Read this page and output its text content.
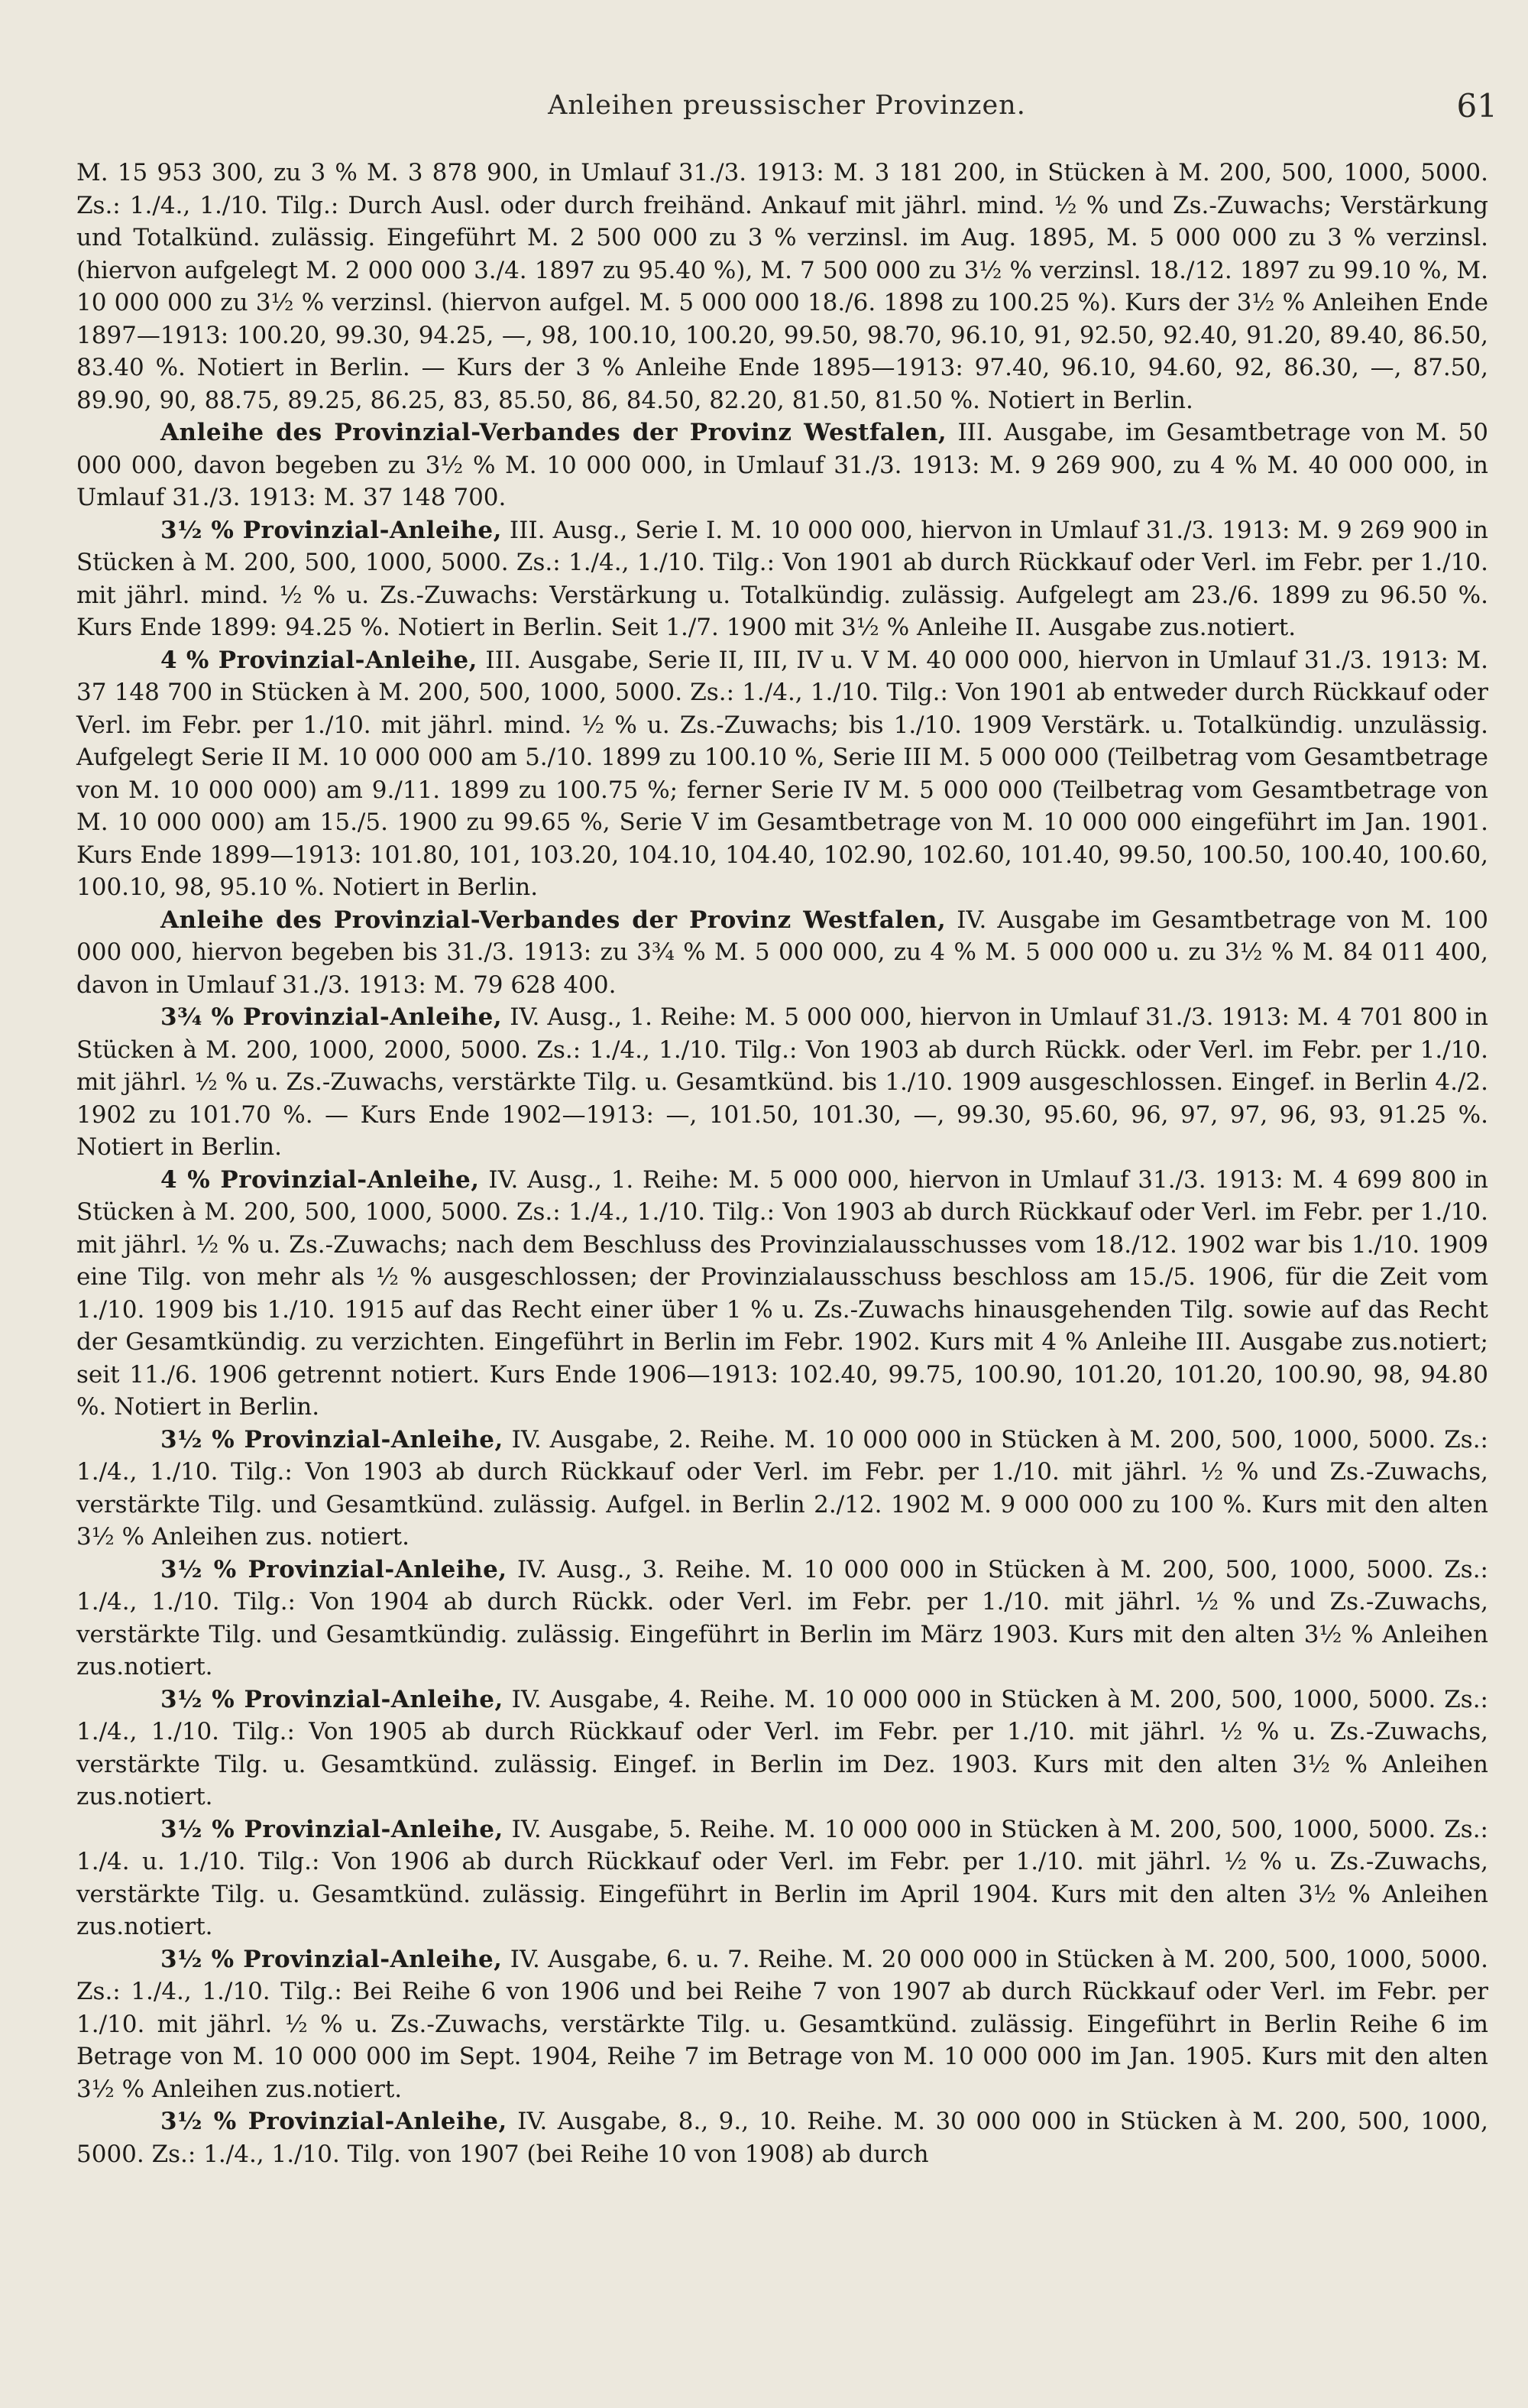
Anleihen preussischer Provinzen.	61

M. 15 953 300, zu 3 % M. 3 878 900, in Umlauf 31./3. 1913: M. 3 181 200, in Stücken à M. 200, 500, 1000, 5000. Zs.: 1./4., 1./10. Tilg.: Durch Ausl. oder durch freihänd. Ankauf mit jährl. mind. ½ % und Zs.-Zuwachs; Verstärkung und Totalkünd. zulässig. Eingeführt M. 2 500 000 zu 3 % verzinsl. im Aug. 1895, M. 5 000 000 zu 3 % verzinsl. (hiervon aufgelegt M. 2 000 000 3./4. 1897 zu 95.40 %), M. 7 500 000 zu 3½ % verzinsl. 18./12. 1897 zu 99.10 %, M. 10 000 000 zu 3½ % verzinsl. (hiervon aufgel. M. 5 000 000 18./6. 1898 zu 100.25 %). Kurs der 3½ % Anleihen Ende 1897—1913: 100.20, 99.30, 94.25, —, 98, 100.10, 100.20, 99.50, 98.70, 96.10, 91, 92.50, 92.40, 91.20, 89.40, 86.50, 83.40 %. Notiert in Berlin. — Kurs der 3 % Anleihe Ende 1895—1913: 97.40, 96.10, 94.60, 92, 86.30, —, 87.50, 89.90, 90, 88.75, 89.25, 86.25, 83, 85.50, 86, 84.50, 82.20, 81.50, 81.50 %. Notiert in Berlin.

Anleihe des Provinzial-Verbandes der Provinz Westfalen, III. Ausgabe, im Gesamtbetrage von M. 50 000 000, davon begeben zu 3½ % M. 10 000 000, in Umlauf 31./3. 1913: M. 9 269 900, zu 4 % M. 40 000 000, in Umlauf 31./3. 1913: M. 37 148 700.

3½ % Provinzial-Anleihe, III. Ausg., Serie I. M. 10 000 000, hiervon in Umlauf 31./3. 1913: M. 9 269 900 in Stücken à M. 200, 500, 1000, 5000. Zs.: 1./4., 1./10. Tilg.: Von 1901 ab durch Rückkauf oder Verl. im Febr. per 1./10. mit jährl. mind. ½ % u. Zs.-Zuwachs: Verstärkung u. Totalkündig. zulässig. Aufgelegt am 23./6. 1899 zu 96.50 %. Kurs Ende 1899: 94.25 %. Notiert in Berlin. Seit 1./7. 1900 mit 3½ % Anleihe II. Ausgabe zus.notiert.

4 % Provinzial-Anleihe, III. Ausgabe, Serie II, III, IV u. V M. 40 000 000, hiervon in Umlauf 31./3. 1913: M. 37 148 700 in Stücken à M. 200, 500, 1000, 5000. Zs.: 1./4., 1./10. Tilg.: Von 1901 ab entweder durch Rückkauf oder Verl. im Febr. per 1./10. mit jährl. mind. ½ % u. Zs.-Zuwachs; bis 1./10. 1909 Verstärk. u. Totalkündig. unzulässig. Aufgelegt Serie II M. 10 000 000 am 5./10. 1899 zu 100.10 %, Serie III M. 5 000 000 (Teilbetrag vom Gesamtbetrage von M. 10 000 000) am 9./11. 1899 zu 100.75 %; ferner Serie IV M. 5 000 000 (Teilbetrag vom Gesamtbetrage von M. 10 000 000) am 15./5. 1900 zu 99.65 %, Serie V im Gesamtbetrage von M. 10 000 000 eingeführt im Jan. 1901. Kurs Ende 1899—1913: 101.80, 101, 103.20, 104.10, 104.40, 102.90, 102.60, 101.40, 99.50, 100.50, 100.40, 100.60, 100.10, 98, 95.10 %. Notiert in Berlin.

Anleihe des Provinzial-Verbandes der Provinz Westfalen, IV. Ausgabe im Gesamtbetrage von M. 100 000 000, hiervon begeben bis 31./3. 1913: zu 3¾ % M. 5 000 000, zu 4 % M. 5 000 000 u. zu 3½ % M. 84 011 400, davon in Umlauf 31./3. 1913: M. 79 628 400.

3¾ % Provinzial-Anleihe, IV. Ausg., 1. Reihe: M. 5 000 000, hiervon in Umlauf 31./3. 1913: M. 4 701 800 in Stücken à M. 200, 1000, 2000, 5000. Zs.: 1./4., 1./10. Tilg.: Von 1903 ab durch Rückk. oder Verl. im Febr. per 1./10. mit jährl. ½ % u. Zs.-Zuwachs, verstärkte Tilg. u. Gesamtkünd. bis 1./10. 1909 ausgeschlossen. Eingef. in Berlin 4./2. 1902 zu 101.70 %. — Kurs Ende 1902—1913: —, 101.50, 101.30, —, 99.30, 95.60, 96, 97, 97, 96, 93, 91.25 %. Notiert in Berlin.

4 % Provinzial-Anleihe, IV. Ausg., 1. Reihe: M. 5 000 000, hiervon in Umlauf 31./3. 1913: M. 4 699 800 in Stücken à M. 200, 500, 1000, 5000. Zs.: 1./4., 1./10. Tilg.: Von 1903 ab durch Rückkauf oder Verl. im Febr. per 1./10. mit jährl. ½ % u. Zs.-Zuwachs; nach dem Beschluss des Provinzialausschusses vom 18./12. 1902 war bis 1./10. 1909 eine Tilg. von mehr als ½ % ausgeschlossen; der Provinzialausschuss beschloss am 15./5. 1906, für die Zeit vom 1./10. 1909 bis 1./10. 1915 auf das Recht einer über 1 % u. Zs.-Zuwachs hinausgehenden Tilg. sowie auf das Recht der Gesamtkündig. zu verzichten. Eingeführt in Berlin im Febr. 1902. Kurs mit 4 % Anleihe III. Ausgabe zus.notiert; seit 11./6. 1906 getrennt notiert. Kurs Ende 1906—1913: 102.40, 99.75, 100.90, 101.20, 101.20, 100.90, 98, 94.80 %. Notiert in Berlin.

3½ % Provinzial-Anleihe, IV. Ausgabe, 2. Reihe. M. 10 000 000 in Stücken à M. 200, 500, 1000, 5000. Zs.: 1./4., 1./10. Tilg.: Von 1903 ab durch Rückkauf oder Verl. im Febr. per 1./10. mit jährl. ½ % und Zs.-Zuwachs, verstärkte Tilg. und Gesamtkünd. zulässig. Aufgel. in Berlin 2./12. 1902 M. 9 000 000 zu 100 %. Kurs mit den alten 3½ % Anleihen zus. notiert.

3½ % Provinzial-Anleihe, IV. Ausg., 3. Reihe. M. 10 000 000 in Stücken à M. 200, 500, 1000, 5000. Zs.: 1./4., 1./10. Tilg.: Von 1904 ab durch Rückk. oder Verl. im Febr. per 1./10. mit jährl. ½ % und Zs.-Zuwachs, verstärkte Tilg. und Gesamtkündig. zulässig. Eingeführt in Berlin im März 1903. Kurs mit den alten 3½ % Anleihen zus.notiert.

3½ % Provinzial-Anleihe, IV. Ausgabe, 4. Reihe. M. 10 000 000 in Stücken à M. 200, 500, 1000, 5000. Zs.: 1./4., 1./10. Tilg.: Von 1905 ab durch Rückkauf oder Verl. im Febr. per 1./10. mit jährl. ½ % u. Zs.-Zuwachs, verstärkte Tilg. u. Gesamtkünd. zulässig. Eingef. in Berlin im Dez. 1903. Kurs mit den alten 3½ % Anleihen zus.notiert.

3½ % Provinzial-Anleihe, IV. Ausgabe, 5. Reihe. M. 10 000 000 in Stücken à M. 200, 500, 1000, 5000. Zs.: 1./4. u. 1./10. Tilg.: Von 1906 ab durch Rückkauf oder Verl. im Febr. per 1./10. mit jährl. ½ % u. Zs.-Zuwachs, verstärkte Tilg. u. Gesamtkünd. zulässig. Eingeführt in Berlin im April 1904. Kurs mit den alten 3½ % Anleihen zus.notiert.

3½ % Provinzial-Anleihe, IV. Ausgabe, 6. u. 7. Reihe. M. 20 000 000 in Stücken à M. 200, 500, 1000, 5000. Zs.: 1./4., 1./10. Tilg.: Bei Reihe 6 von 1906 und bei Reihe 7 von 1907 ab durch Rückkauf oder Verl. im Febr. per 1./10. mit jährl. ½ % u. Zs.-Zuwachs, verstärkte Tilg. u. Gesamtkünd. zulässig. Eingeführt in Berlin Reihe 6 im Betrage von M. 10 000 000 im Sept. 1904, Reihe 7 im Betrage von M. 10 000 000 im Jan. 1905. Kurs mit den alten 3½ % Anleihen zus.notiert.

3½ % Provinzial-Anleihe, IV. Ausgabe, 8., 9., 10. Reihe. M. 30 000 000 in Stücken à M. 200, 500, 1000, 5000. Zs.: 1./4., 1./10. Tilg. von 1907 (bei Reihe 10 von 1908) ab durch
